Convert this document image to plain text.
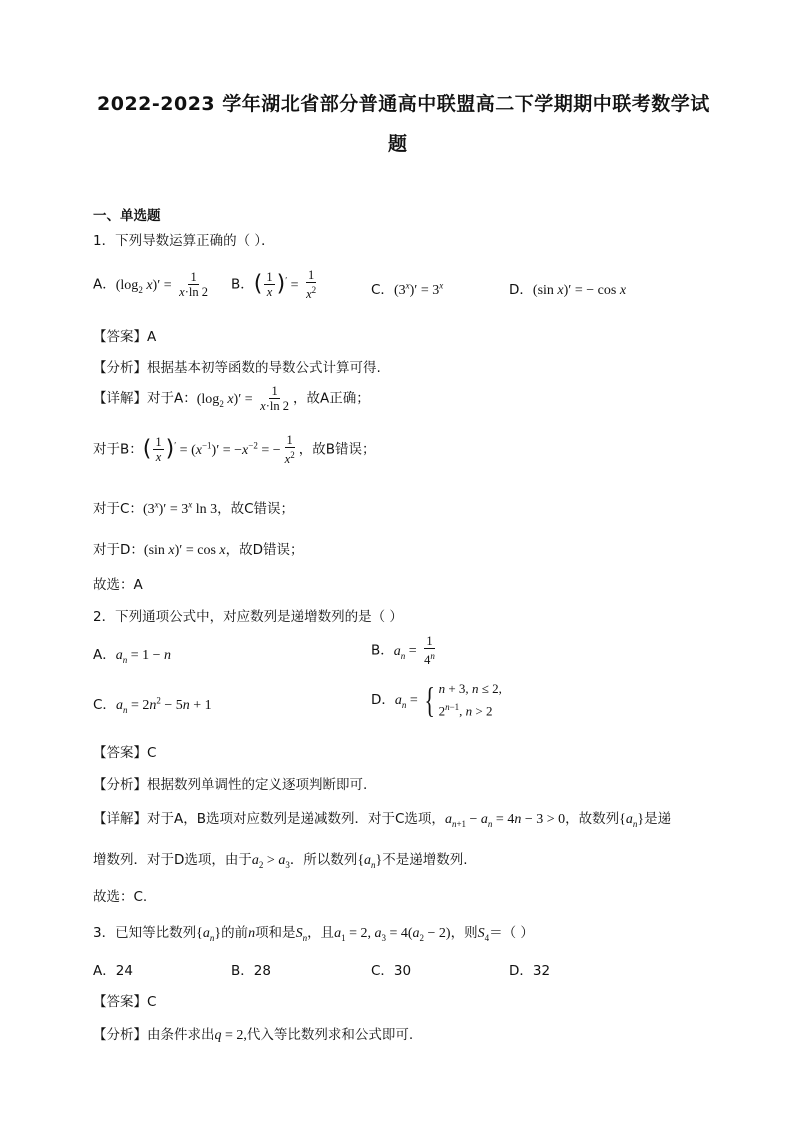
2022-2023 学年湖北省部分普通高中联盟高二下学期期中联考数学试
题
一、单选题
1．下列导数运算正确的（ ）．
A．($\log_2$ $x)' = \frac{1}{x\cdot\ln 2}$ B．( $\frac{1}{x} )' = \frac{1}{x^2}$	C．$(3^x)' = 3^x$	D．(sin x)′ = − cos x
【答案】A
【分析】根据基本初等函数的导数公式计算可得.
【详解】对于A：($\log_2$ $x)' = \frac{1}{x\cdot\ln 2}$ ，故A正确；
对于B：( $\frac{1}{x} )' = (x^{-1})' = -x^{-2}$ = − $\frac{1}{x^2}$ ，故B错误；
对于C：$(3^x)' = 3^x$ ln 3，故C错误；
对于D：(sin x)′ = cos x，故D错误；
故选：A
2．下列通项公式中，对应数列是递增数列的是（ ）
A．$a_n = 1 - n$	B．$a_n = \frac{1}{4^n}$
C．$a_n = 2n^2 - 5n + 1$	D．$a_n$ = { n + 3, n ≤ 2,
$2^{n-1}$, n > 2
【答案】C
【分析】根据数列单调性的定义逐项判断即可.
【详解】对于A，B选项对应数列是递减数列．对于C选项，$a_{n+1} - a_n = 4n - 3 > 0$，故数列$\{a_n\}$是递
增数列．对于D选项，由于$a_2 > a_3$．所以数列$\{a_n\}$不是递增数列.
故选：C.
3．已知等比数列$\{a_n\}$的前n项和是$S_n$，且$a_1 = 2$, $a_3 = 4(a_2 - 2)$，则$S_4=$（ ）
A．24	B．28	C．30	D．32
【答案】C
【分析】由条件求出q = 2,代入等比数列求和公式即可.
